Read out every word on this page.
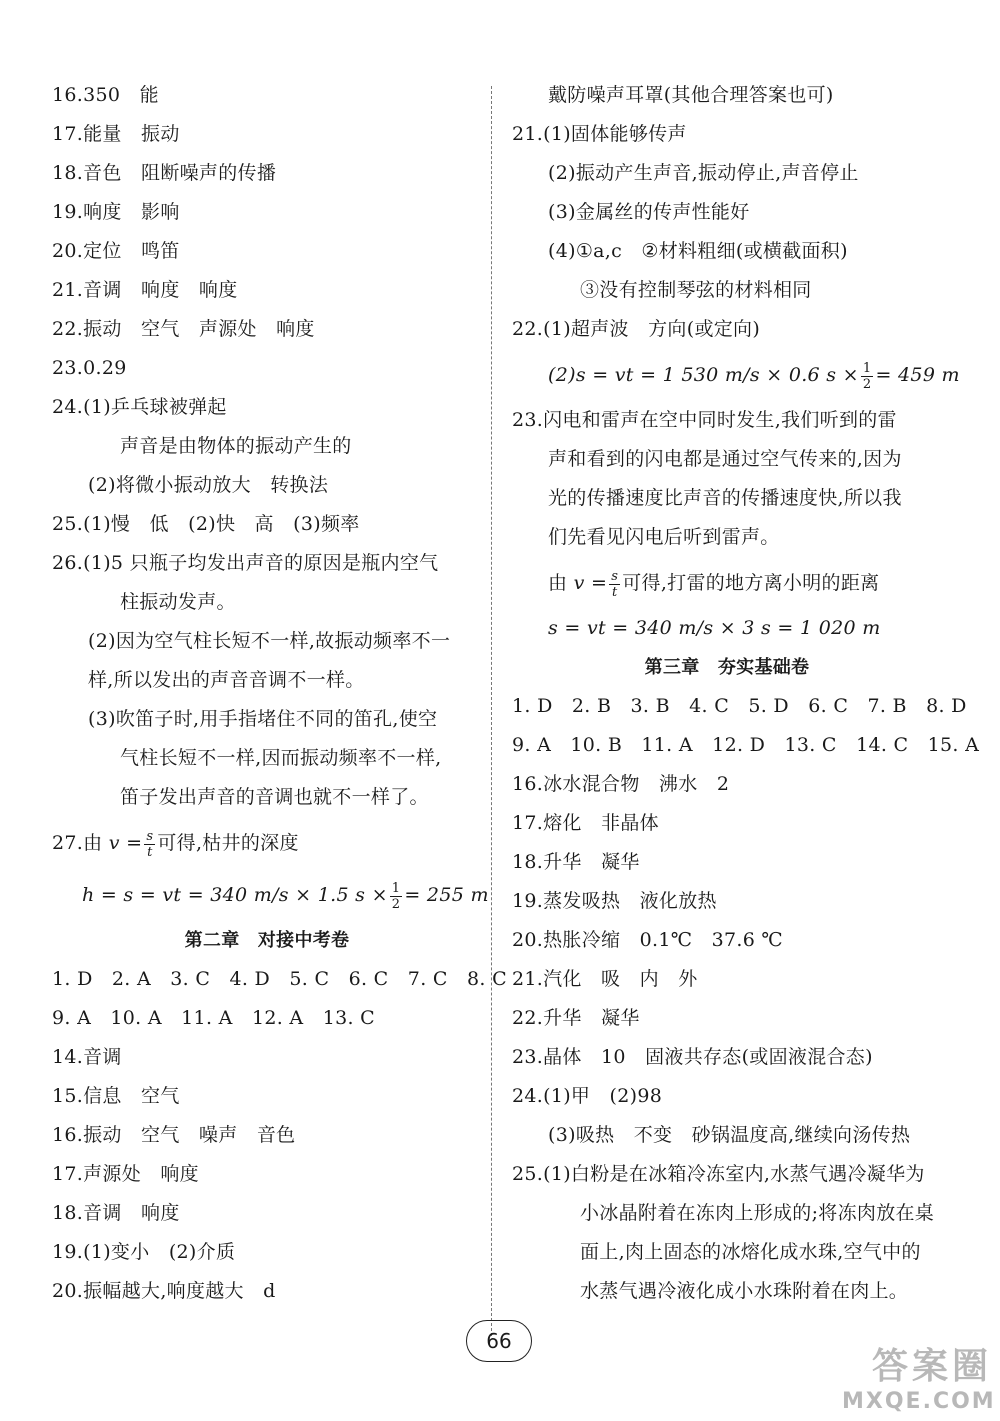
16.350　能
17.能量　振动
18.音色　阻断噪声的传播
19.响度　影响
20.定位　鸣笛
21.音调　响度　响度
22.振动　空气　声源处　响度
23.0.29
24.(1)乒乓球被弹起
声音是由物体的振动产生的
(2)将微小振动放大　转换法
25.(1)慢　低　(2)快　高　(3)频率
26.(1)5 只瓶子均发出声音的原因是瓶内空气
柱振动发声。
(2)因为空气柱长短不一样,故振动频率不一
样,所以发出的声音音调不一样。
(3)吹笛子时,用手指堵住不同的笛孔,使空
气柱长短不一样,因而振动频率不一样,
笛子发出声音的音调也就不一样了。
27.由 $v = \frac{s}{t}$ 可得,枯井的深度
h = s = vt = 340 m/s × 1.5 $s \times \frac{1}{2} = 255$ m
第二章　对接中考卷
1. D　2. A　3. C　4. D　5. C　6. C　7. C　8. C
9. A　10. A　11. A　12. A　13. C
14.音调
15.信息　空气
16.振动　空气　噪声　音色
17.声源处　响度
18.音调　响度
19.(1)变小　(2)介质
20.振幅越大,响度越大　d
戴防噪声耳罩(其他合理答案也可)
21.(1)固体能够传声
(2)振动产生声音,振动停止,声音停止
(3)金属丝的传声性能好
(4)①a,c　②材料粗细(或横截面积)
③没有控制琴弦的材料相同
22.(1)超声波　方向(或定向)
(2)s = vt = 1 530 m/s × 0.6 $s \times \frac{1}{2} = 459$ m
23.闪电和雷声在空中同时发生,我们听到的雷
声和看到的闪电都是通过空气传来的,因为
光的传播速度比声音的传播速度快,所以我
们先看见闪电后听到雷声。
由 $v = \frac{s}{t}$ 可得,打雷的地方离小明的距离
s = vt = 340 m/s × 3 s = 1 020 m
第三章　夯实基础卷
1. D　2. B　3. B　4. C　5. D　6. C　7. B　8. D
9. A　10. B　11. A　12. D　13. C　14. C　15. A
16.冰水混合物　沸水　2
17.熔化　非晶体
18.升华　凝华
19.蒸发吸热　液化放热
20.热胀冷缩　0.1℃　37.6 ℃
21.汽化　吸　内　外
22.升华　凝华
23.晶体　10　固液共存态(或固液混合态)
24.(1)甲　(2)98
(3)吸热　不变　砂锅温度高,继续向汤传热
25.(1)白粉是在冰箱冷冻室内,水蒸气遇冷凝华为
小冰晶附着在冻肉上形成的;将冻肉放在桌
面上,肉上固态的冰熔化成水珠,空气中的
水蒸气遇冷液化成小水珠附着在肉上。
66
答案圈
MXQE.COM
